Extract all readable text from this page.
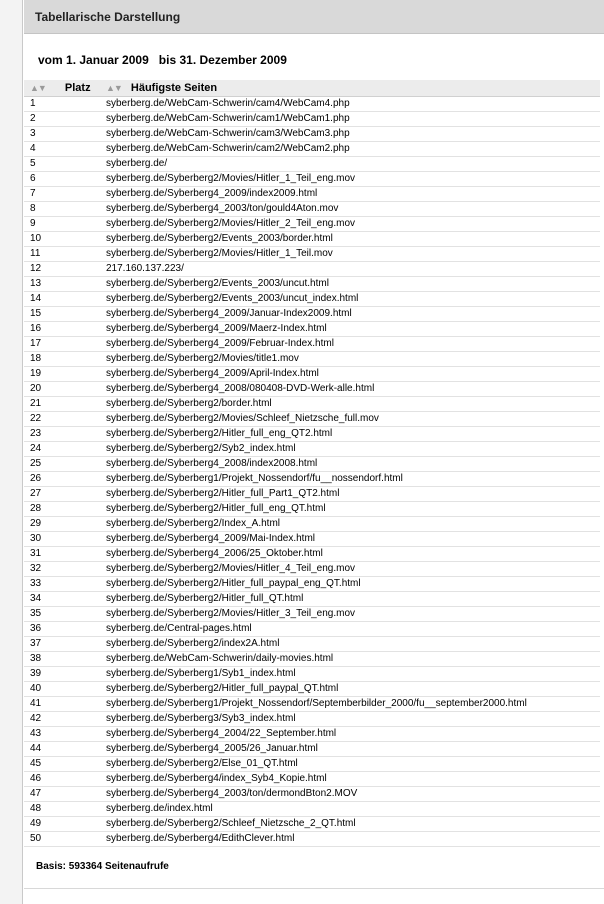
Tabellarische Darstellung
vom 1. Januar 2009 bis 31. Dezember 2009
▲▼ Platz	▲▼ Häufigste Seiten
1	syberberg.de/WebCam-Schwerin/cam4/WebCam4.php
2	syberberg.de/WebCam-Schwerin/cam1/WebCam1.php
3	syberberg.de/WebCam-Schwerin/cam3/WebCam3.php
4	syberberg.de/WebCam-Schwerin/cam2/WebCam2.php
5	syberberg.de/
6	syberberg.de/Syberberg2/Movies/Hitler_1_Teil_eng.mov
7	syberberg.de/Syberberg4_2009/index2009.html
8	syberberg.de/Syberberg4_2003/ton/gould4Aton.mov
9	syberberg.de/Syberberg2/Movies/Hitler_2_Teil_eng.mov
10	syberberg.de/Syberberg2/Events_2003/border.html
11	syberberg.de/Syberberg2/Movies/Hitler_1_Teil.mov
12	217.160.137.223/
13	syberberg.de/Syberberg2/Events_2003/uncut.html
14	syberberg.de/Syberberg2/Events_2003/uncut_index.html
15	syberberg.de/Syberberg4_2009/Januar-Index2009.html
16	syberberg.de/Syberberg4_2009/Maerz-Index.html
17	syberberg.de/Syberberg4_2009/Februar-Index.html
18	syberberg.de/Syberberg2/Movies/title1.mov
19	syberberg.de/Syberberg4_2009/April-Index.html
20	syberberg.de/Syberberg4_2008/080408-DVD-Werk-alle.html
21	syberberg.de/Syberberg2/border.html
22	syberberg.de/Syberberg2/Movies/Schleef_Nietzsche_full.mov
23	syberberg.de/Syberberg2/Hitler_full_eng_QT2.html
24	syberberg.de/Syberberg2/Syb2_index.html
25	syberberg.de/Syberberg4_2008/index2008.html
26	syberberg.de/Syberberg1/Projekt_Nossendorf/fu__nossendorf.html
27	syberberg.de/Syberberg2/Hitler_full_Part1_QT2.html
28	syberberg.de/Syberberg2/Hitler_full_eng_QT.html
29	syberberg.de/Syberberg2/Index_A.html
30	syberberg.de/Syberberg4_2009/Mai-Index.html
31	syberberg.de/Syberberg4_2006/25_Oktober.html
32	syberberg.de/Syberberg2/Movies/Hitler_4_Teil_eng.mov
33	syberberg.de/Syberberg2/Hitler_full_paypal_eng_QT.html
34	syberberg.de/Syberberg2/Hitler_full_QT.html
35	syberberg.de/Syberberg2/Movies/Hitler_3_Teil_eng.mov
36	syberberg.de/Central-pages.html
37	syberberg.de/Syberberg2/index2A.html
38	syberberg.de/WebCam-Schwerin/daily-movies.html
39	syberberg.de/Syberberg1/Syb1_index.html
40	syberberg.de/Syberberg2/Hitler_full_paypal_QT.html
41	syberberg.de/Syberberg1/Projekt_Nossendorf/Septemberbilder_2000/fu__september2000.html
42	syberberg.de/Syberberg3/Syb3_index.html
43	syberberg.de/Syberberg4_2004/22_September.html
44	syberberg.de/Syberberg4_2005/26_Januar.html
45	syberberg.de/Syberberg2/Else_01_QT.html
46	syberberg.de/Syberberg4/index_Syb4_Kopie.html
47	syberberg.de/Syberberg4_2003/ton/dermondBton2.MOV
48	syberberg.de/index.html
49	syberberg.de/Syberberg2/Schleef_Nietzsche_2_QT.html
50	syberberg.de/Syberberg4/EdithClever.html
Basis: 593364 Seitenaufrufe
